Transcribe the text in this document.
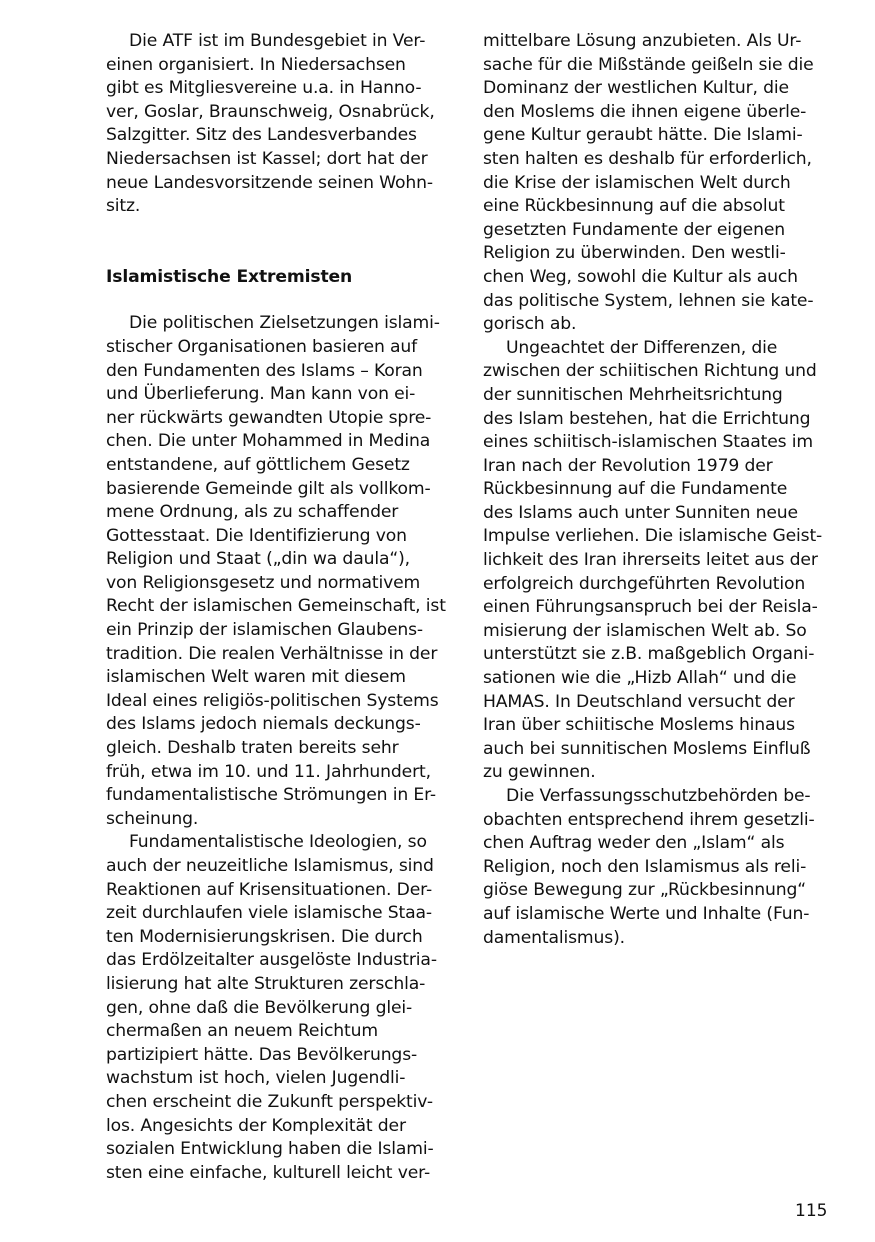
Die ATF ist im Bundesgebiet in Ver-
einen organisiert. In Niedersachsen
gibt es Mitgliesvereine u.a. in Hanno-
ver, Goslar, Braunschweig, Osnabrück,
Salzgitter. Sitz des Landesverbandes
Niedersachsen ist Kassel; dort hat der
neue Landesvorsitzende seinen Wohn-
sitz.
Islamistische Extremisten
Die politischen Zielsetzungen islami-
stischer Organisationen basieren auf
den Fundamenten des Islams – Koran
und Überlieferung. Man kann von ei-
ner rückwärts gewandten Utopie spre-
chen. Die unter Mohammed in Medina
entstandene, auf göttlichem Gesetz
basierende Gemeinde gilt als vollkom-
mene Ordnung, als zu schaffender
Gottesstaat. Die Identifizierung von
Religion und Staat („din wa daula“),
von Religionsgesetz und normativem
Recht der islamischen Gemeinschaft, ist
ein Prinzip der islamischen Glaubens-
tradition. Die realen Verhältnisse in der
islamischen Welt waren mit diesem
Ideal eines religiös-politischen Systems
des Islams jedoch niemals deckungs-
gleich. Deshalb traten bereits sehr
früh, etwa im 10. und 11. Jahrhundert,
fundamentalistische Strömungen in Er-
scheinung.
Fundamentalistische Ideologien, so
auch der neuzeitliche Islamismus, sind
Reaktionen auf Krisensituationen. Der-
zeit durchlaufen viele islamische Staa-
ten Modernisierungskrisen. Die durch
das Erdölzeitalter ausgelöste Industria-
lisierung hat alte Strukturen zerschla-
gen, ohne daß die Bevölkerung glei-
chermaßen an neuem Reichtum
partizipiert hätte. Das Bevölkerungs-
wachstum ist hoch, vielen Jugendli-
chen erscheint die Zukunft perspektiv-
los. Angesichts der Komplexität der
sozialen Entwicklung haben die Islami-
sten eine einfache, kulturell leicht ver-
mittelbare Lösung anzubieten. Als Ur-
sache für die Mißstände geißeln sie die
Dominanz der westlichen Kultur, die
den Moslems die ihnen eigene überle-
gene Kultur geraubt hätte. Die Islami-
sten halten es deshalb für erforderlich,
die Krise der islamischen Welt durch
eine Rückbesinnung auf die absolut
gesetzten Fundamente der eigenen
Religion zu überwinden. Den westli-
chen Weg, sowohl die Kultur als auch
das politische System, lehnen sie kate-
gorisch ab.
Ungeachtet der Differenzen, die
zwischen der schiitischen Richtung und
der sunnitischen Mehrheitsrichtung
des Islam bestehen, hat die Errichtung
eines schiitisch-islamischen Staates im
Iran nach der Revolution 1979 der
Rückbesinnung auf die Fundamente
des Islams auch unter Sunniten neue
Impulse verliehen. Die islamische Geist-
lichkeit des Iran ihrerseits leitet aus der
erfolgreich durchgeführten Revolution
einen Führungsanspruch bei der Reisla-
misierung der islamischen Welt ab. So
unterstützt sie z.B. maßgeblich Organi-
sationen wie die „Hizb Allah“ und die
HAMAS. In Deutschland versucht der
Iran über schiitische Moslems hinaus
auch bei sunnitischen Moslems Einfluß
zu gewinnen.
Die Verfassungsschutzbehörden be-
obachten entsprechend ihrem gesetzli-
chen Auftrag weder den „Islam“ als
Religion, noch den Islamismus als reli-
giöse Bewegung zur „Rückbesinnung“
auf islamische Werte und Inhalte (Fun-
damentalismus).
115
